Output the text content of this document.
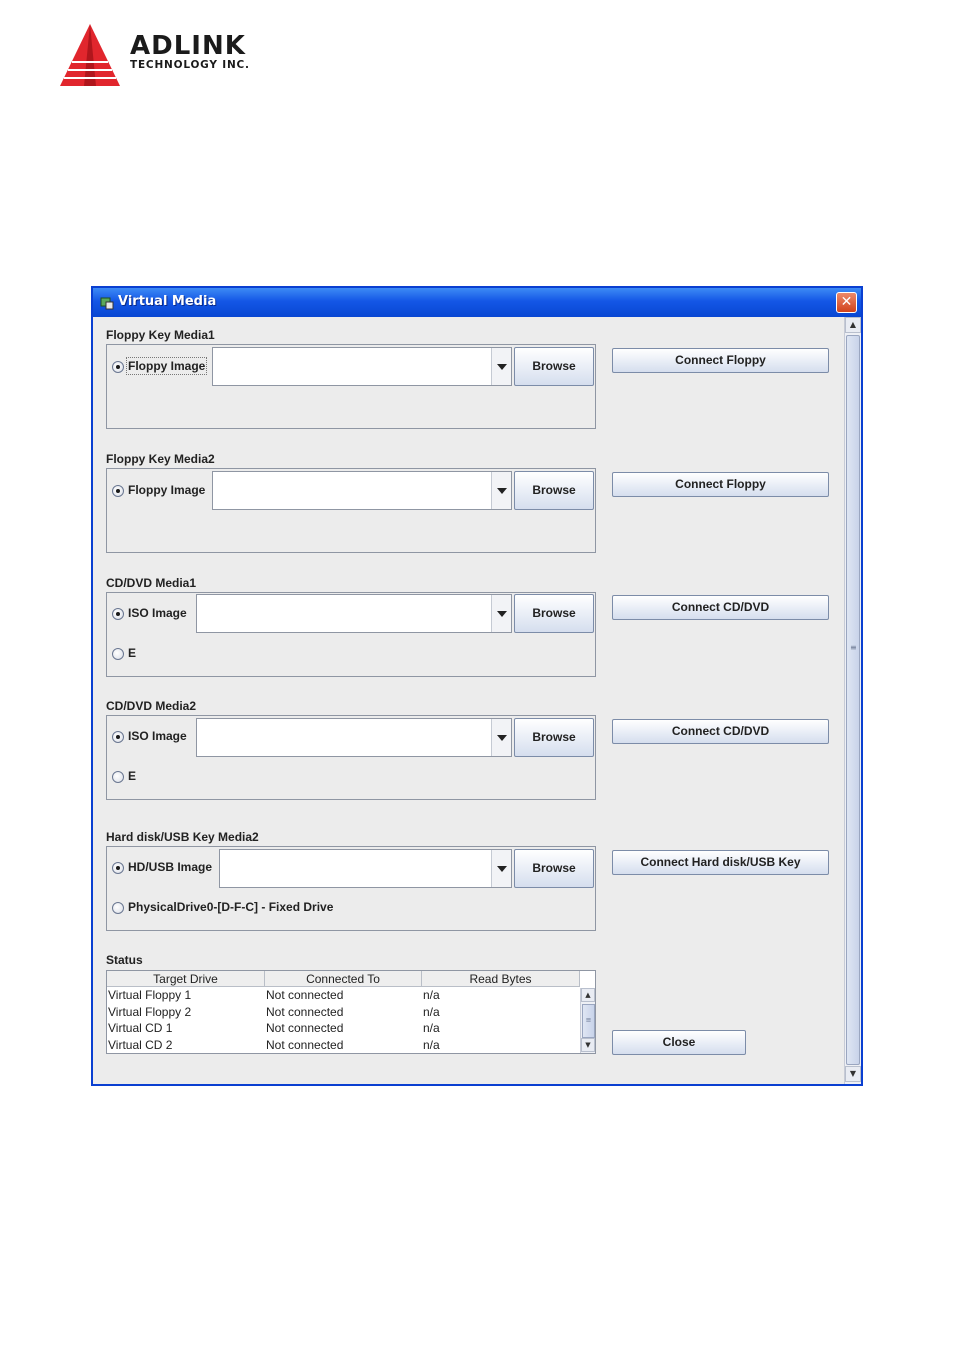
ADLINK
TECHNOLOGY INC.
Virtual Media	✕
▲
≡
▼
Floppy Key Media1
Floppy Image	Browse	Connect Floppy
Floppy Key Media2
Floppy Image	Browse	Connect Floppy
CD/DVD Media1
ISO Image
E
Browse	Connect CD/DVD
CD/DVD Media2
ISO Image
E
Browse	Connect CD/DVD
Hard disk/USB Key Media2
HD/USB Image
PhysicalDrive0-[D-F-C] - Fixed Drive
Browse	Connect Hard disk/USB Key
Status
Target Drive	Connected To	Read Bytes
Virtual Floppy 1	Not connected	n/a
Virtual Floppy 2	Not connected	n/a
Virtual CD 1	Not connected	n/a
Virtual CD 2	Not connected	n/a
▲
≡
▼	Close
